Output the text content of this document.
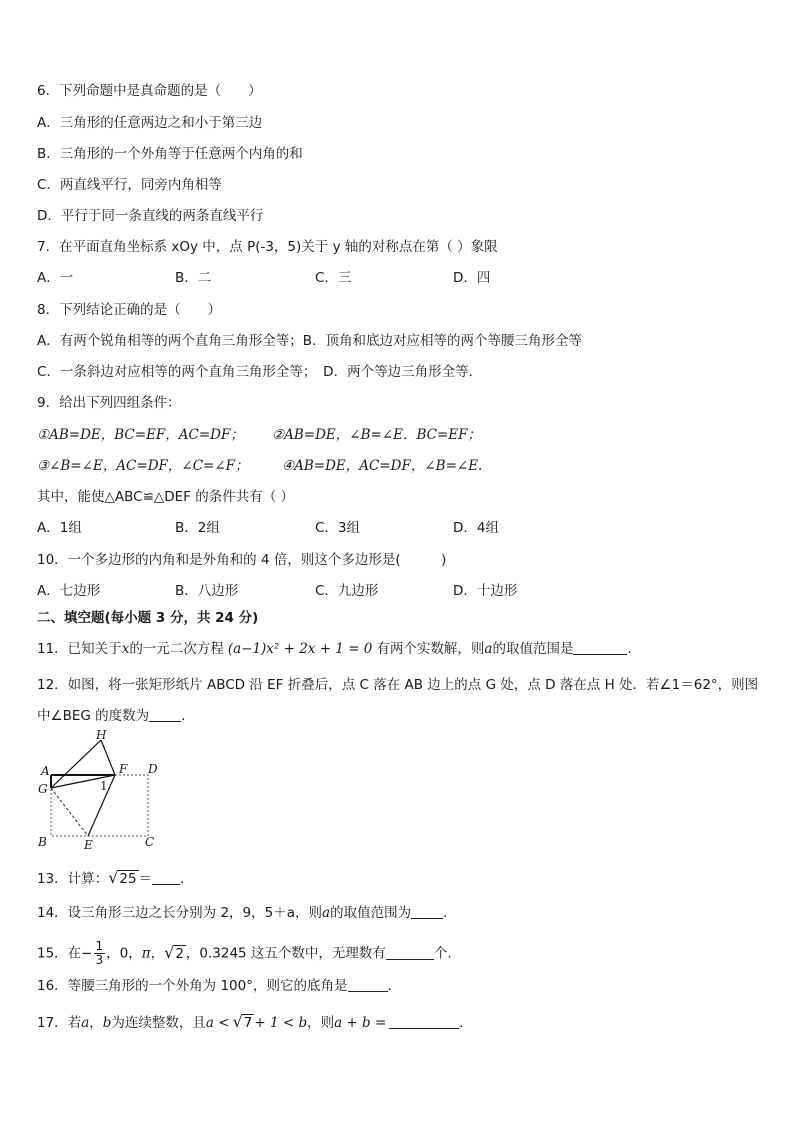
6．下列命题中是真命题的是（　　）
A．三角形的任意两边之和小于第三边
B．三角形的一个外角等于任意两个内角的和
C．两直线平行，同旁内角相等
D．平行于同一条直线的两条直线平行
7．在平面直角坐标系 xOy 中，点 P(-3，5)关于 y 轴的对称点在第（ ）象限
A．一	B．二	C．三	D．四
8．下列结论正确的是（　　）
A．有两个锐角相等的两个直角三角形全等；B．顶角和底边对应相等的两个等腰三角形全等
C．一条斜边对应相等的两个直角三角形全等；　D．两个等边三角形全等.
9．给出下列四组条件：
①AB=DE，BC=EF，AC=DF； ②AB=DE，∠B=∠E．BC=EF；
③∠B=∠E，AC=DF，∠C=∠F； ④AB=DE，AC=DF，∠B=∠E.
其中，能使△ABC≌△DEF 的条件共有（ ）
A．1组	B．2组	C．3组	D．4组
10．一个多边形的内角和是外角和的 4 倍，则这个多边形是(　　　)
A．七边形	B．八边形	C．九边形	D．十边形
二、填空题(每小题 3 分，共 24 分)
11．已知关于x的一元二次方程 (a−1)x² + 2x + 1 = 0 有两个实数解，则a的取值范围是	.
12．如图，将一张矩形纸片 ABCD 沿 EF 折叠后，点 C 落在 AB 边上的点 G 处，点 D 落在点 H 处．若∠1＝62°，则图
中∠BEG 的度数为 .
H
A	F D
G	1
B	E	C
13．计算：√25 ＝ .
14．设三角形三边之长分别为 2，9，5＋a，则a的取值范围为 .
15．在− $\frac{1}{3}$ ，0，π，√2 ，0.3245 这五个数中，无理数有	个.
16．等腰三角形的一个外角为 100°，则它的底角是	.
17．若a，b为连续整数，且a < √7 + 1 < b，则a + b =	.
